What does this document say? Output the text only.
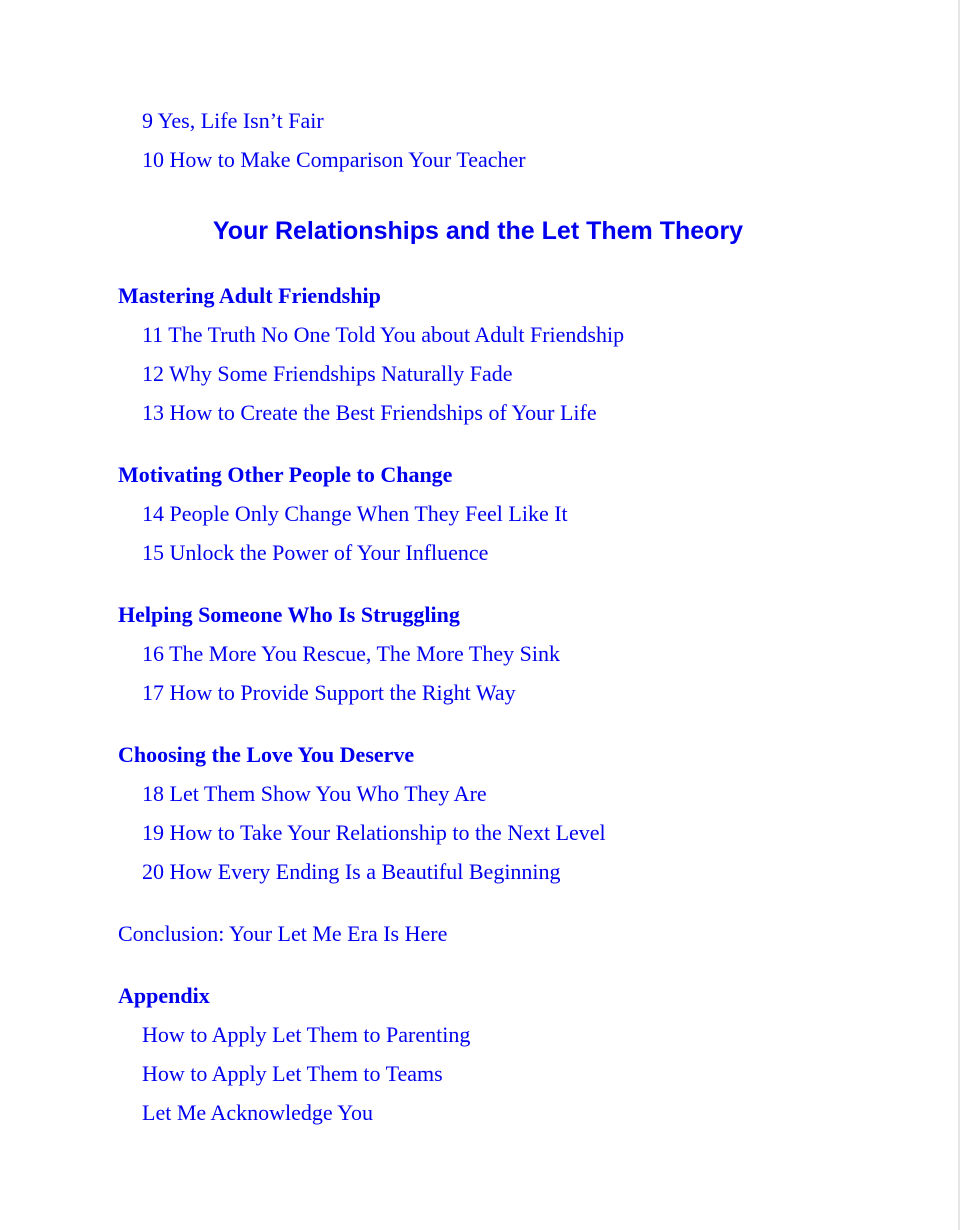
9 Yes, Life Isn’t Fair
10 How to Make Comparison Your Teacher
Your Relationships and the Let Them Theory
Mastering Adult Friendship
11 The Truth No One Told You about Adult Friendship
12 Why Some Friendships Naturally Fade
13 How to Create the Best Friendships of Your Life
Motivating Other People to Change
14 People Only Change When They Feel Like It
15 Unlock the Power of Your Influence
Helping Someone Who Is Struggling
16 The More You Rescue, The More They Sink
17 How to Provide Support the Right Way
Choosing the Love You Deserve
18 Let Them Show You Who They Are
19 How to Take Your Relationship to the Next Level
20 How Every Ending Is a Beautiful Beginning
Conclusion: Your Let Me Era Is Here
Appendix
How to Apply Let Them to Parenting
How to Apply Let Them to Teams
Let Me Acknowledge You
